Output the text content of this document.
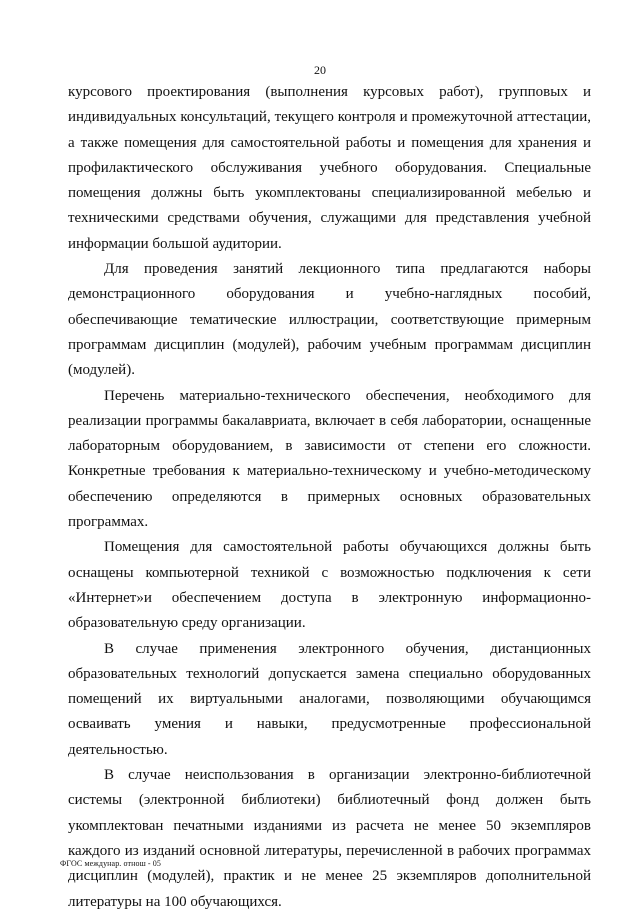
20

курсового проектирования (выполнения курсовых работ), групповых и индивидуальных консультаций, текущего контроля и промежуточной аттестации, а также помещения для самостоятельной работы и помещения для хранения и профилактического обслуживания учебного оборудования. Специальные помещения должны быть укомплектованы специализированной мебелью и техническими средствами обучения, служащими для представления учебной информации большой аудитории.

Для проведения занятий лекционного типа предлагаются наборы демонстрационного оборудования и учебно-наглядных пособий, обеспечивающие тематические иллюстрации, соответствующие примерным программам дисциплин (модулей), рабочим учебным программам дисциплин (модулей).

Перечень материально-технического обеспечения, необходимого для реализации программы бакалавриата, включает в себя лаборатории, оснащенные лабораторным оборудованием, в зависимости от степени его сложности. Конкретные требования к материально-техническому и учебно-методическому обеспечению определяются в примерных основных образовательных программах.

Помещения для самостоятельной работы обучающихся должны быть оснащены компьютерной техникой с возможностью подключения к сети «Интернет»и обеспечением доступа в электронную информационно-образовательную среду организации.

В случае применения электронного обучения, дистанционных образовательных технологий допускается замена специально оборудованных помещений их виртуальными аналогами, позволяющими обучающимся осваивать умения и навыки, предусмотренные профессиональной деятельностью.

В случае неиспользования в организации электронно-библиотечной системы (электронной библиотеки) библиотечный фонд должен быть укомплектован печатными изданиями из расчета не менее 50 экземпляров каждого из изданий основной литературы, перечисленной в рабочих программах дисциплин (модулей), практик и не менее 25 экземпляров дополнительной литературы на 100 обучающихся.

ФГОС междунар. отнош - 05
